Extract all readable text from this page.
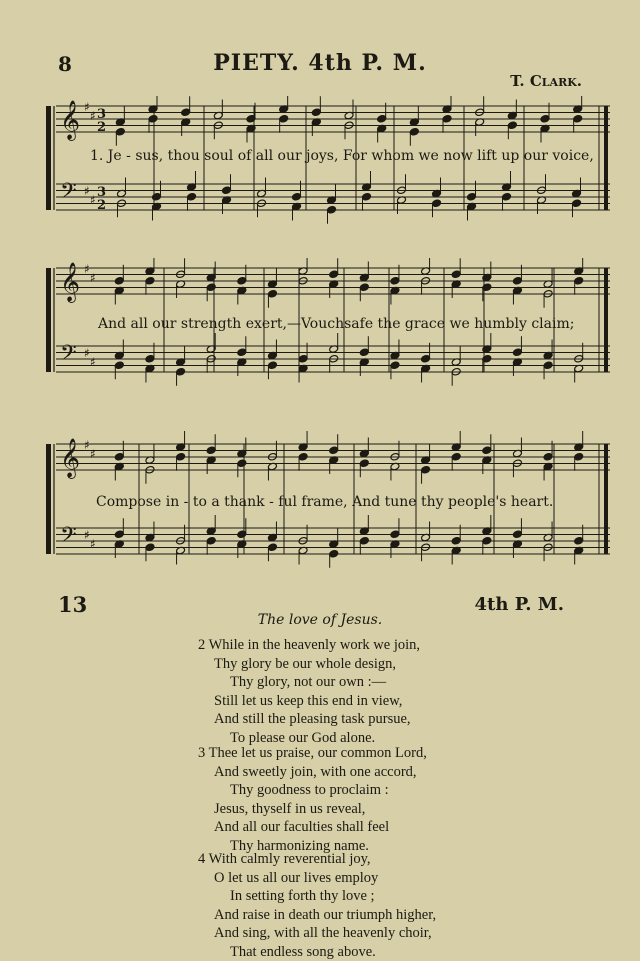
8	PIETY. 4th P. M.
T. Clark.
𝄞 ♯
♯
𝄢 ♯
♯
3
2
3
2
1. Je - sus, thou soul of all our joys, For whom we now lift up our voice,
𝄞 ♯
♯
𝄢 ♯
♯
And all our strength exert,—Vouchsafe the grace we humbly claim;
𝄞 ♯
♯
𝄢 ♯
♯
Compose in - to a thank - ful frame, And tune thy people's heart.
13	4th P. M.
The love of Jesus.
2 While in the heavenly work we join,
Thy glory be our whole design,
Thy glory, not our own :—
Still let us keep this end in view,
And still the pleasing task pursue,
To please our God alone.
3 Thee let us praise, our common Lord,
And sweetly join, with one accord,
Thy goodness to proclaim :
Jesus, thyself in us reveal,
And all our faculties shall feel
Thy harmonizing name.
4 With calmly reverential joy,
O let us all our lives employ
In setting forth thy love ;
And raise in death our triumph higher,
And sing, with all the heavenly choir,
That endless song above.
